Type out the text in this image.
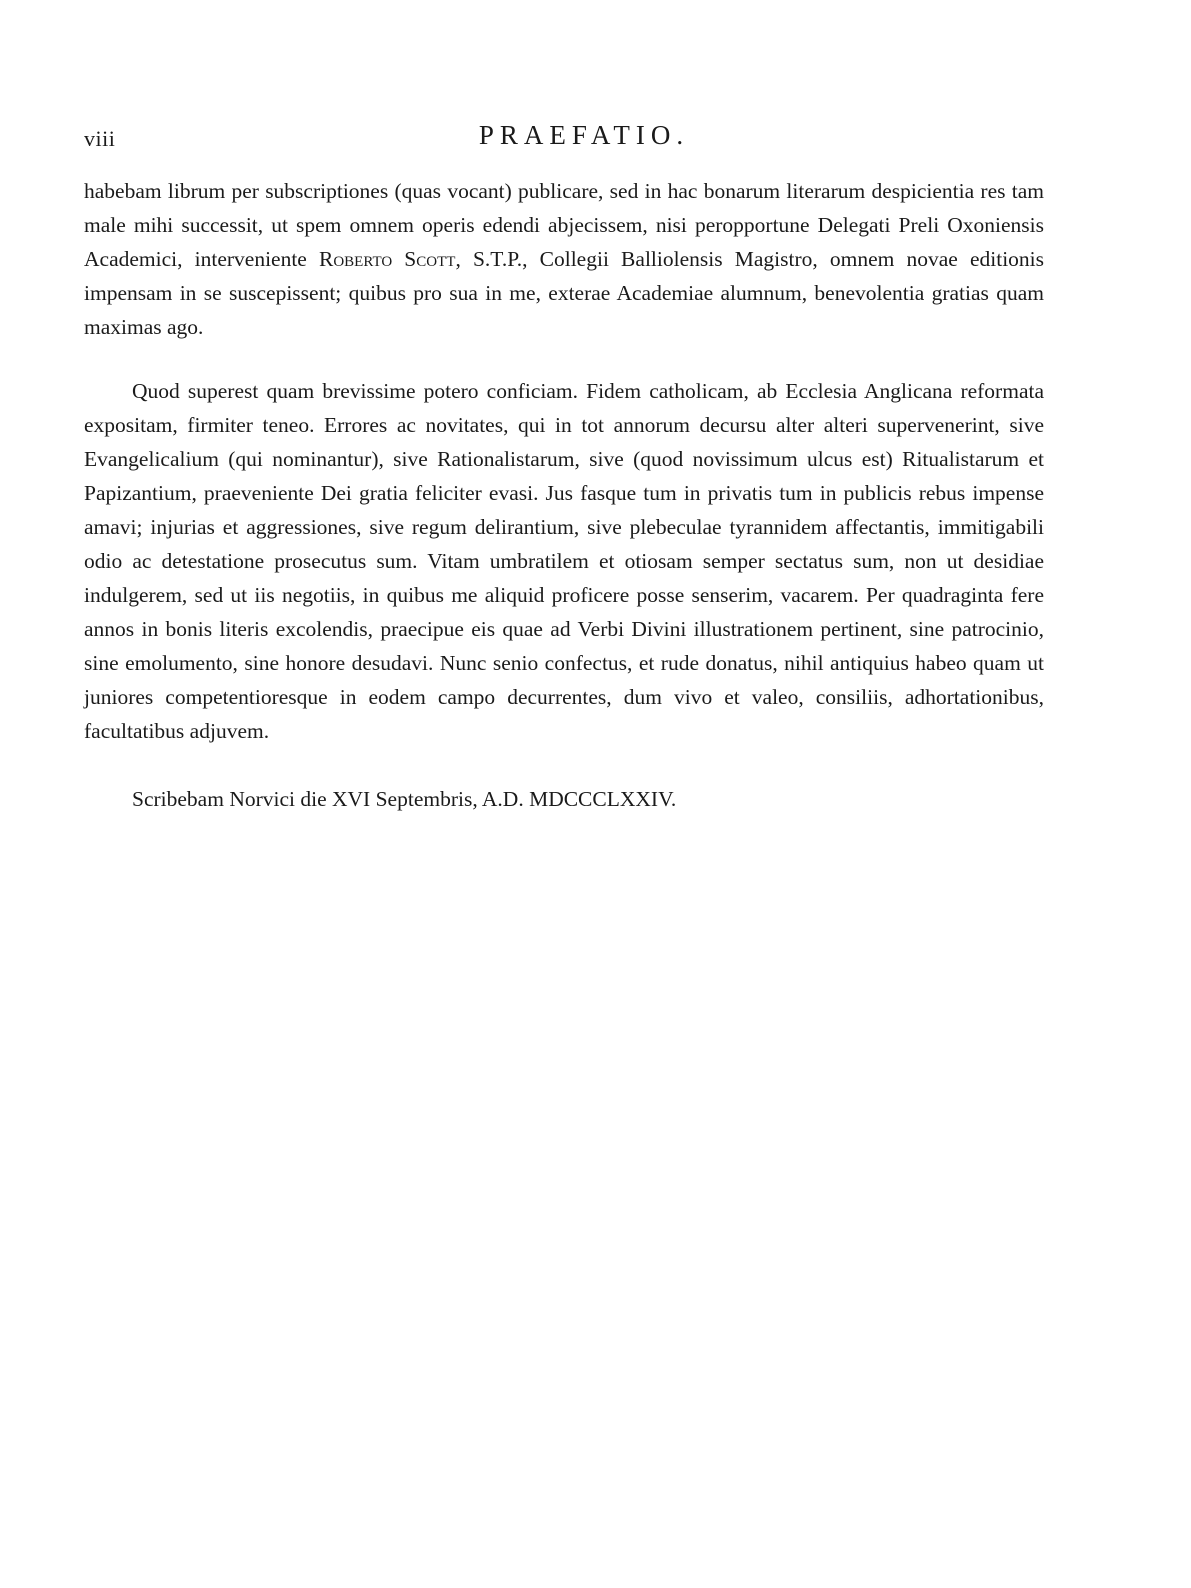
viii	PRAEFATIO.

habebam librum per subscriptiones (quas vocant) publicare, sed in hac bonarum literarum despicientia res tam male mihi successit, ut spem omnem operis edendi abjecissem, nisi peropportune Delegati Preli Oxoniensis Academici, interveniente Roberto Scott, S.T.P., Collegii Balliolensis Magistro, omnem novae editionis impensam in se suscepissent; quibus pro sua in me, exterae Academiae alumnum, benevolentia gratias quam maximas ago.

Quod superest quam brevissime potero conficiam. Fidem catholicam, ab Ecclesia Anglicana reformata expositam, firmiter teneo. Errores ac novitates, qui in tot annorum decursu alter alteri supervenerint, sive Evangelicalium (qui nominantur), sive Rationalistarum, sive (quod novissimum ulcus est) Ritualistarum et Papizantium, praeveniente Dei gratia feliciter evasi. Jus fasque tum in privatis tum in publicis rebus impense amavi; injurias et aggressiones, sive regum delirantium, sive plebeculae tyrannidem affectantis, immitigabili odio ac detestatione prosecutus sum. Vitam umbratilem et otiosam semper sectatus sum, non ut desidiae indulgerem, sed ut iis negotiis, in quibus me aliquid proficere posse senserim, vacarem. Per quadraginta fere annos in bonis literis excolendis, praecipue eis quae ad Verbi Divini illustrationem pertinent, sine patrocinio, sine emolumento, sine honore desudavi. Nunc senio confectus, et rude donatus, nihil antiquius habeo quam ut juniores competentioresque in eodem campo decurrentes, dum vivo et valeo, consiliis, adhortationibus, facultatibus adjuvem.

Scribebam Norvici die XVI Septembris, A.D. MDCCCLXXIV.
